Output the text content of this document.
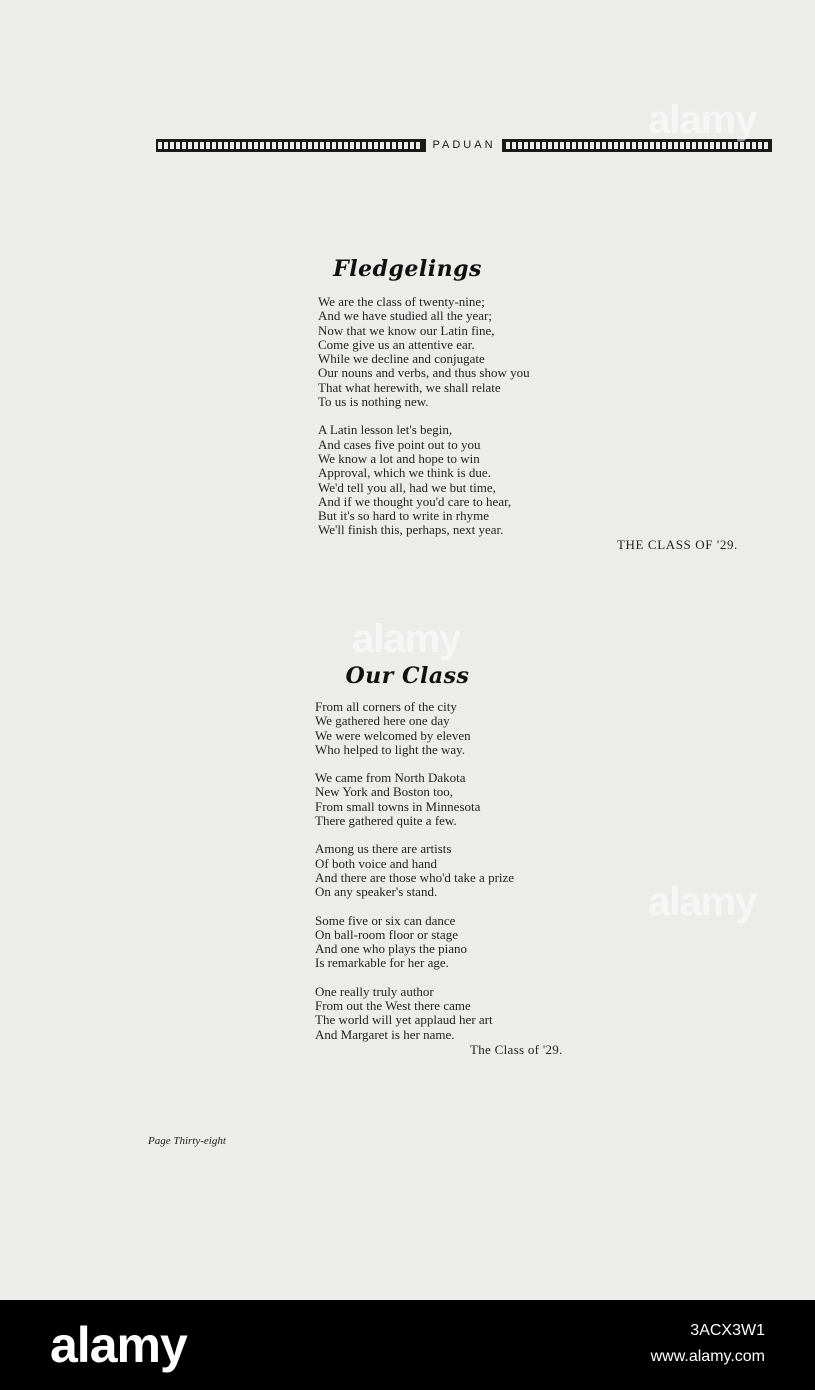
PADUAN
Fledgelings
We are the class of twenty-nine;
And we have studied all the year;
Now that we know our Latin fine,
Come give us an attentive ear.
While we decline and conjugate
Our nouns and verbs, and thus show you
That what herewith, we shall relate
To us is nothing new.
A Latin lesson let's begin,
And cases five point out to you
We know a lot and hope to win
Approval, which we think is due.
We'd tell you all, had we but time,
And if we thought you'd care to hear,
But it's so hard to write in rhyme
We'll finish this, perhaps, next year.
THE CLASS OF '29.
Our Class
From all corners of the city
We gathered here one day
We were welcomed by eleven
Who helped to light the way.
We came from North Dakota
New York and Boston too,
From small towns in Minnesota
There gathered quite a few.
Among us there are artists
Of both voice and hand
And there are those who'd take a prize
On any speaker's stand.
Some five or six can dance
On ball-room floor or stage
And one who plays the piano
Is remarkable for her age.
One really truly author
From out the West there came
The world will yet applaud her art
And Margaret is her name.
The Class of '29.
Page Thirty-eight
alamy
alamy
alamy
alamy	3ACX3W1
www.alamy.com
